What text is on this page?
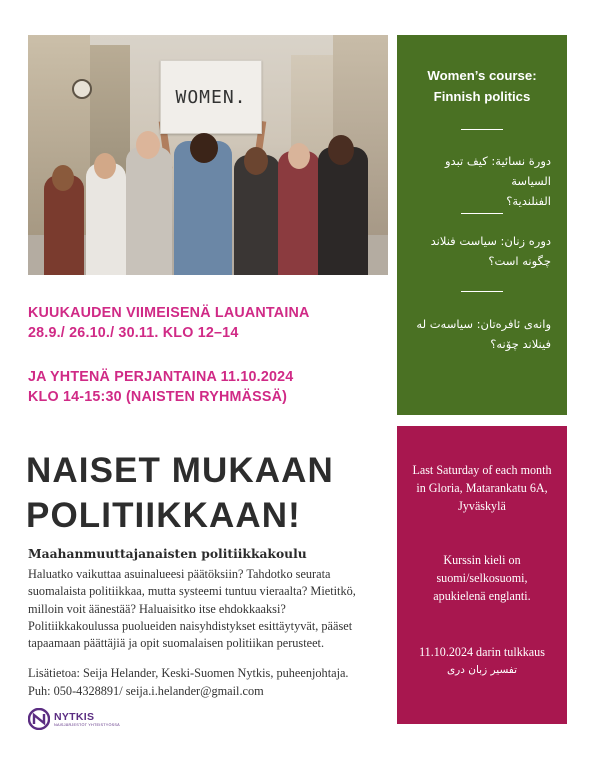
WOMEN.
KUUKAUDEN VIIMEISENÄ LAUANTAINA
28.9./ 26.10./ 30.11. KLO 12–14
JA YHTENÄ PERJANTAINA 11.10.2024
KLO 14-15:30 (NAISTEN RYHMÄSSÄ)
NAISET MUKAAN
POLITIIKKAAN!
Maahanmuuttajanaisten politiikkakoulu
Haluatko vaikuttaa asuinalueesi päätöksiin? Tahdotko seurata
suomalaista politiikkaa, mutta systeemi tuntuu vieraalta? Mietitkö,
milloin voit äänestää? Haluaisitko itse ehdokkaaksi?
Politiikkakoulussa puolueiden naisyhdistykset esittäytyvät, pääset
tapaamaan päättäjiä ja opit suomalaisen politiikan perusteet.
Lisätietoa: Seija Helander, Keski-Suomen Nytkis, puheenjohtaja.
Puh: 050-4328891/ seija.i.helander@gmail.com
NYTKIS
NAISJÄRJESTÖT YHTEISTYÖSSÄ
Women’s course:
Finnish politics
دورة نسائية: كيف تبدو السياسة
الفنلندية؟
دوره زنان: سیاست فنلاند
چگونه است؟
وانەی ئافرەتان: سیاسەت لە
فینلاند چۆنە؟
Last Saturday of each month
in Gloria, Matarankatu 6A,
Jyväskylä
Kurssin kieli on
suomi/selkosuomi,
apukielenä englanti.
11.10.2024 darin tulkkaus
تفسیر زبان دری
